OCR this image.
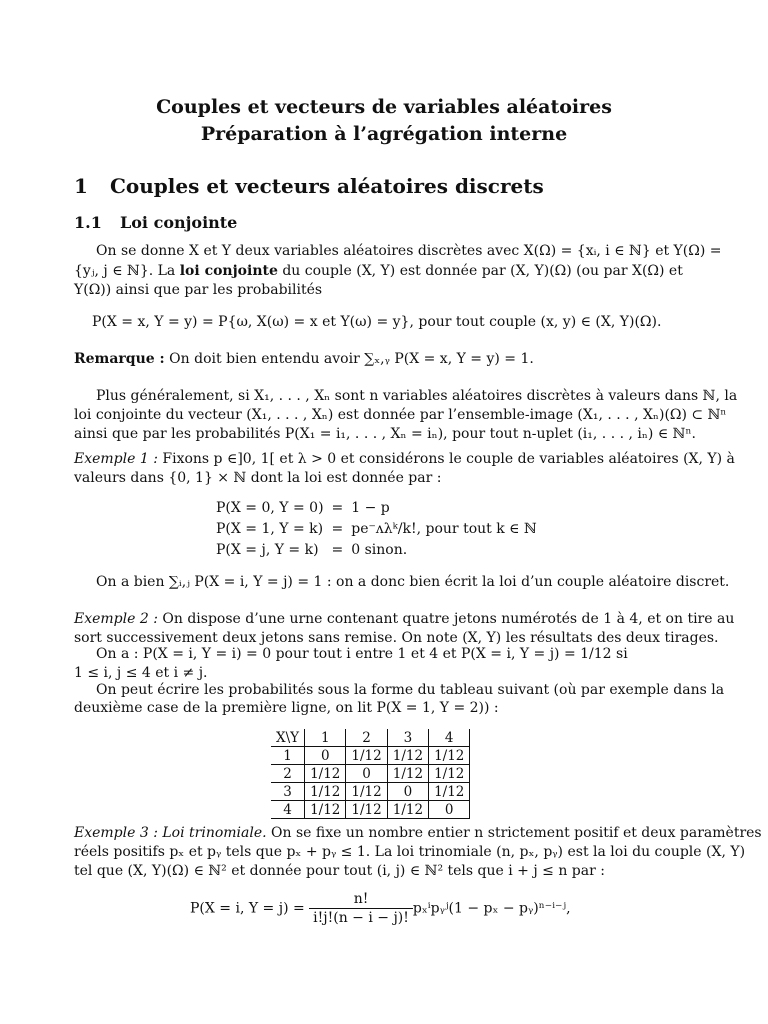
Couples et vecteurs de variables aléatoires
Préparation à l’agrégation interne
1 Couples et vecteurs aléatoires discrets
1.1 Loi conjointe
On se donne X et Y deux variables aléatoires discrètes avec X(Ω) = {xᵢ, i ∈ ℕ} et Y(Ω) =
{yⱼ, j ∈ ℕ}. La loi conjointe du couple (X, Y) est donnée par (X, Y)(Ω) (ou par X(Ω) et
Y(Ω)) ainsi que par les probabilités
P(X = x, Y = y) = P{ω, X(ω) = x et Y(ω) = y}, pour tout couple (x, y) ∈ (X, Y)(Ω).
Remarque : On doit bien entendu avoir ∑ₓ,ᵧ P(X = x, Y = y) = 1.
Plus généralement, si X₁, . . . , Xₙ sont n variables aléatoires discrètes à valeurs dans ℕ, la
loi conjointe du vecteur (X₁, . . . , Xₙ) est donnée par l’ensemble-image (X₁, . . . , Xₙ)(Ω) ⊂ ℕⁿ
ainsi que par les probabilités P(X₁ = i₁, . . . , Xₙ = iₙ), pour tout n-uplet (i₁, . . . , iₙ) ∈ ℕⁿ.
Exemple 1 : Fixons p ∈]0, 1[ et λ > 0 et considérons le couple de variables aléatoires (X, Y) à
valeurs dans {0, 1} × ℕ dont la loi est donnée par :
P(X = 0, Y = 0)	=	1 − p
P(X = 1, Y = k)	=	pe⁻ᴧλᵏ/k!, pour tout k ∈ ℕ
P(X = j, Y = k)	=	0 sinon.
On a bien ∑ᵢ,ⱼ P(X = i, Y = j) = 1 : on a donc bien écrit la loi d’un couple aléatoire discret.
Exemple 2 : On dispose d’une urne contenant quatre jetons numérotés de 1 à 4, et on tire au
sort successivement deux jetons sans remise. On note (X, Y) les résultats des deux tirages.
On a : P(X = i, Y = i) = 0 pour tout i entre 1 et 4 et P(X = i, Y = j) = 1/12 si
1 ≤ i, j ≤ 4 et i ≠ j.
On peut écrire les probabilités sous la forme du tableau suivant (où par exemple dans la
deuxième case de la première ligne, on lit P(X = 1, Y = 2)) :
X\Y	1	2	3	4
1	0	1/12	1/12	1/12
2	1/12	0	1/12	1/12
3	1/12	1/12	0	1/12
4	1/12	1/12	1/12	0
Exemple 3 : Loi trinomiale. On se fixe un nombre entier n strictement positif et deux paramètres
réels positifs pₓ et pᵧ tels que pₓ + pᵧ ≤ 1. La loi trinomiale (n, pₓ, pᵧ) est la loi du couple (X, Y)
tel que (X, Y)(Ω) ∈ ℕ² et donnée pour tout (i, j) ∈ ℕ² tels que i + j ≤ n par :
P(X = i, $Y = j) = \frac{n!}{i!j!(n - i - j)!}$ pₓⁱpᵧʲ(1 − pₓ − pᵧ)ⁿ⁻ⁱ⁻ʲ,
